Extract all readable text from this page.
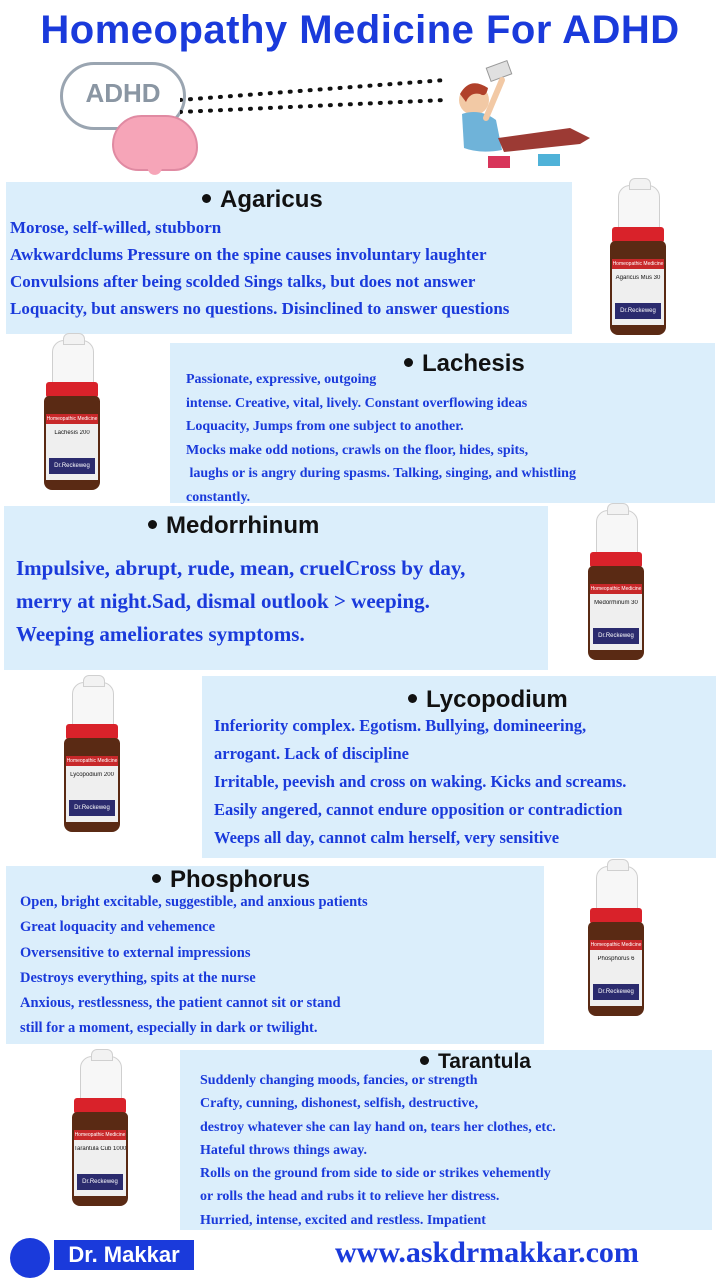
Homeopathy Medicine For ADHD
ADHD
Agaricus
Morose, self-willed, stubborn
Awkwardclums Pressure on the spine causes involuntary laughter
Convulsions after being scolded Sings talks, but does not answer
Loquacity, but answers no questions. Disinclined to answer questions
Homeopathic Medicine
Agaricus Mus 30
Dr.Reckeweg
Lachesis
Passionate, expressive, outgoing
intense. Creative, vital, lively. Constant overflowing ideas
Loquacity, Jumps from one subject to another.
Mocks make odd notions, crawls on the floor, hides, spits,
laughs or is angry during spasms. Talking, singing, and whistling
constantly.
Homeopathic Medicine
Lachesis 200
Dr.Reckeweg
Medorrhinum
Impulsive, abrupt, rude, mean, cruelCross by day,
merry at night.Sad, dismal outlook > weeping.
Weeping ameliorates symptoms.
Homeopathic Medicine
Medorrhinum 30
Dr.Reckeweg
Lycopodium
Inferiority complex. Egotism. Bullying, domineering,
arrogant. Lack of discipline
Irritable, peevish and cross on waking. Kicks and screams.
Easily angered, cannot endure opposition or contradiction
Weeps all day, cannot calm herself, very sensitive
Homeopathic Medicine
Lycopodium 200
Dr.Reckeweg
Phosphorus
Open, bright excitable, suggestible, and anxious patients
Great loquacity and vehemence
Oversensitive to external impressions
Destroys everything, spits at the nurse
Anxious, restlessness, the patient cannot sit or stand
still for a moment, especially in dark or twilight.
Homeopathic Medicine
Phosphorus 6
Dr.Reckeweg
Tarantula
Suddenly changing moods, fancies, or strength
Crafty, cunning, dishonest, selfish, destructive,
destroy whatever she can lay hand on, tears her clothes, etc.
Hateful throws things away.
Rolls on the ground from side to side or strikes vehemently
or rolls the head and rubs it to relieve her distress.
Hurried, intense, excited and restless. Impatient
Homeopathic Medicine
Tarantula Cub 1000
Dr.Reckeweg
Dr. Makkar	www.askdrmakkar.com
